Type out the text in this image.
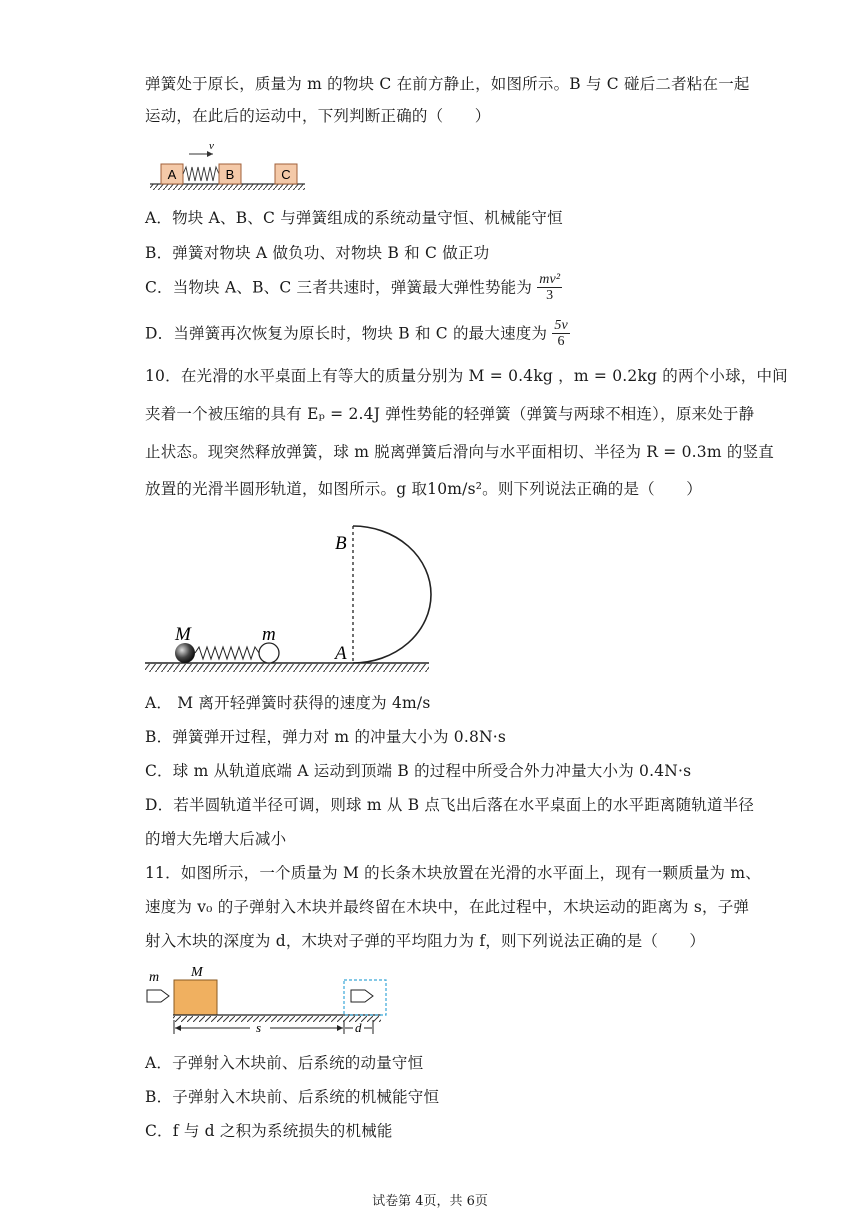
弹簧处于原长，质量为 m 的物块 C 在前方静止，如图所示。B 与 C 碰后二者粘在一起
运动，在此后的运动中，下列判断正确的（　　）
A	B	C
v
A．物块 A、B、C 与弹簧组成的系统动量守恒、机械能守恒
B．弹簧对物块 A 做负功、对物块 B 和 C 做正功
C．当物块 A、B、C 三者共速时，弹簧最大弹性势能为 $\frac{\text{mv²}}{3}$
D．当弹簧再次恢复为原长时，物块 B 和 C 的最大速度为 $\frac{5v}{6}$
10．在光滑的水平桌面上有等大的质量分别为 M = 0.4kg ，m = 0.2kg 的两个小球，中间
夹着一个被压缩的具有 Eₚ = 2.4J 弹性势能的轻弹簧（弹簧与两球不相连），原来处于静
止状态。现突然释放弹簧，球 m 脱离弹簧后滑向与水平面相切、半径为 R = 0.3m 的竖直
放置的光滑半圆形轨道，如图所示。g 取10m/s²。则下列说法正确的是（　　）
M	m
B
A
A． M 离开轻弹簧时获得的速度为 4m/s
B．弹簧弹开过程，弹力对 m 的冲量大小为 0.8N·s
C．球 m 从轨道底端 A 运动到顶端 B 的过程中所受合外力冲量大小为 0.4N·s
D．若半圆轨道半径可调，则球 m 从 B 点飞出后落在水平桌面上的水平距离随轨道半径
的增大先增大后减小
11．如图所示，一个质量为 M 的长条木块放置在光滑的水平面上，现有一颗质量为 m、
速度为 v₀ 的子弹射入木块并最终留在木块中，在此过程中，木块运动的距离为 s，子弹
射入木块的深度为 d，木块对子弹的平均阻力为 f，则下列说法正确的是（　　）
m M
s	d
A．子弹射入木块前、后系统的动量守恒
B．子弹射入木块前、后系统的机械能守恒
C．f 与 d 之积为系统损失的机械能
试卷第 4页，共 6页
